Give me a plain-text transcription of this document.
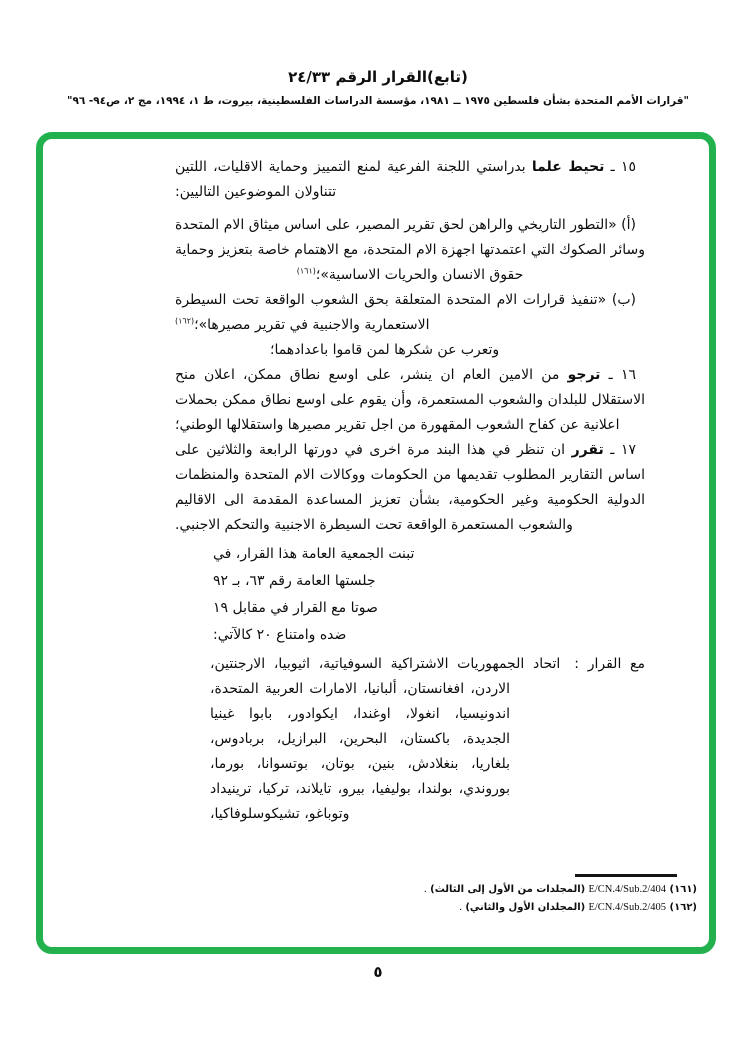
(تابع)القرار الرقم ٢٤/٣٣
"قرارات الأمم المتحدة بشأن فلسطين ١٩٧٥ ــ ١٩٨١، مؤسسة الدراسات الفلسطينية، بيروت، ط ١، ١٩٩٤، مج ٢، ص٩٤- ٩٦"

١٥ ـ تحيط علما بدراستي اللجنة الفرعية لمنع التمييز وحماية الاقليات، اللتين تتناولان الموضوعين التاليين:

(أ) «التطور التاريخي والراهن لحق تقرير المصير، على اساس ميثاق الام المتحدة وسائر الصكوك التي اعتمدتها اجهزة الام المتحدة، مع الاهتمام خاصة بتعزيز وحماية حقوق الانسان والحريات الاساسية»؛$^{(١٦١)}$

(ب) «تنفيذ قرارات الام المتحدة المتعلقة بحق الشعوب الواقعة تحت السيطرة الاستعمارية والاجنبية في تقرير مصيرها»؛$^{(١٦٢)}$

وتعرب عن شكرها لمن قاموا باعدادهما؛

١٦ ـ ترجو من الامين العام ان ينشر، على اوسع نطاق ممكن، اعلان منح الاستقلال للبلدان والشعوب المستعمرة، وأن يقوم على اوسع نطاق ممكن بحملات اعلانية عن كفاح الشعوب المقهورة من اجل تقرير مصيرها واستقلالها الوطني؛

١٧ ـ تقرر ان تنظر في هذا البند مرة اخرى في دورتها الرابعة والثلاثين على اساس التقارير المطلوب تقديمها من الحكومات ووكالات الام المتحدة والمنظمات الدولية الحكومية وغير الحكومية، بشأن تعزيز المساعدة المقدمة الى الاقاليم والشعوب المستعمرة الواقعة تحت السيطرة الاجنبية والتحكم الاجنبي.

تبنت الجمعية العامة هذا القرار، في
جلستها العامة رقم ٦٣، بـ ٩٢
صوتا مع القرار في مقابل ١٩
ضده وامتناع ٢٠ كالآتي:

مع القرار :اتحاد الجمهوريات الاشتراكية السوفياتية، اثيوبيا، الارجنتين، الاردن، افغانستان، ألبانيا، الامارات العربية المتحدة، اندونيسيا، انغولا، اوغندا، ايكوادور، بابوا غينيا الجديدة، باكستان، البحرين، البرازيل، بربادوس، بلغاريا، بنغلادش، بنين، بوتان، بوتسوانا، بورما، بوروندي، بولندا، بوليفيا، بيرو، تايلاند، تركيا، ترينيداد وتوباغو، تشيكوسلوفاكيا،

(١٦١) E/CN.4/Sub.2/404 (المجلدات من الأول إلى الثالث) .
(١٦٢) E/CN.4/Sub.2/405 (المجلدان الأول والثاني) .
٥
